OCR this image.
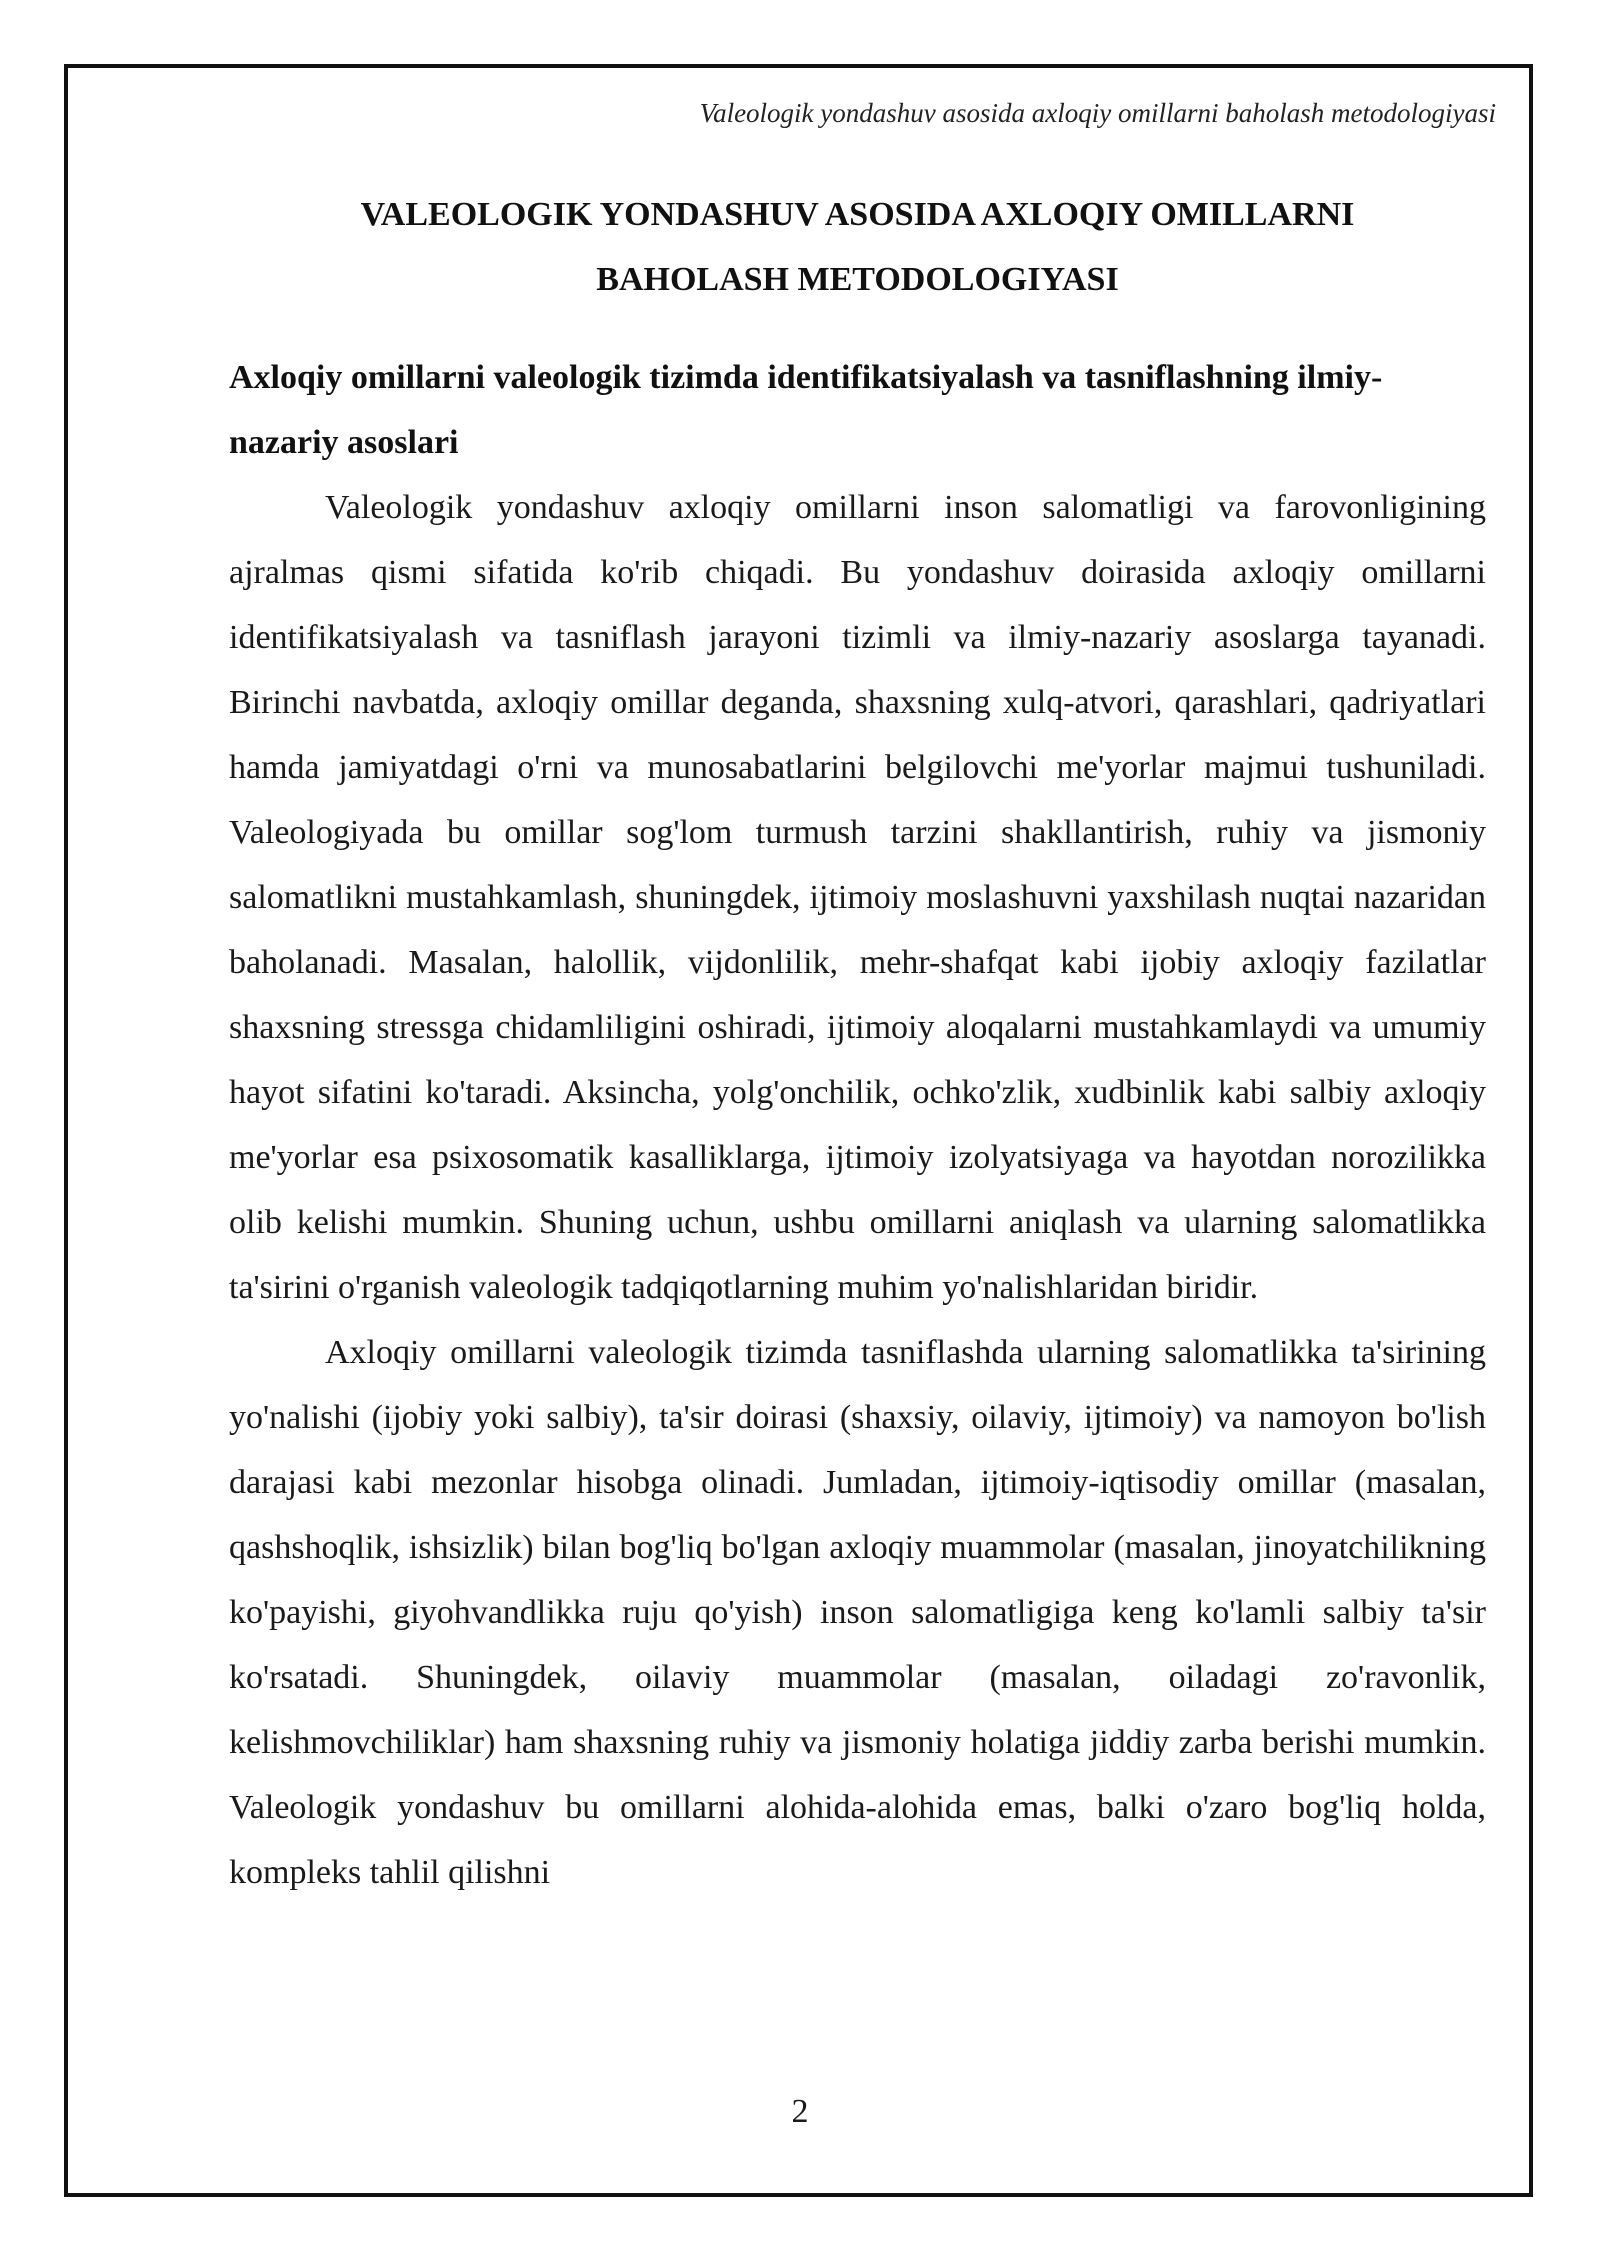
Valeologik yondashuv asosida axloqiy omillarni baholash metodologiyasi
VALEOLOGIK YONDASHUV ASOSIDA AXLOQIY OMILLARNI
BAHOLASH METODOLOGIYASI
Axloqiy omillarni valeologik tizimda identifikatsiyalash va tasniflashning ilmiy-nazariy asoslari

Valeologik yondashuv axloqiy omillarni inson salomatligi va farovonligining ajralmas qismi sifatida ko'rib chiqadi. Bu yondashuv doirasida axloqiy omillarni identifikatsiyalash va tasniflash jarayoni tizimli va ilmiy-nazariy asoslarga tayanadi. Birinchi navbatda, axloqiy omillar deganda, shaxsning xulq-atvori, qarashlari, qadriyatlari hamda jamiyatdagi o'rni va munosabatlarini belgilovchi me'yorlar majmui tushuniladi. Valeologiyada bu omillar sog'lom turmush tarzini shakllantirish, ruhiy va jismoniy salomatlikni mustahkamlash, shuningdek, ijtimoiy moslashuvni yaxshilash nuqtai nazaridan baholanadi. Masalan, halollik, vijdonlilik, mehr-shafqat kabi ijobiy axloqiy fazilatlar shaxsning stressga chidamliligini oshiradi, ijtimoiy aloqalarni mustahkamlaydi va umumiy hayot sifatini ko'taradi. Aksincha, yolg'onchilik, ochko'zlik, xudbinlik kabi salbiy axloqiy me'yorlar esa psixosomatik kasalliklarga, ijtimoiy izolyatsiyaga va hayotdan norozilikka olib kelishi mumkin. Shuning uchun, ushbu omillarni aniqlash va ularning salomatlikka ta'sirini o'rganish valeologik tadqiqotlarning muhim yo'nalishlaridan biridir.

Axloqiy omillarni valeologik tizimda tasniflashda ularning salomatlikka ta'sirining yo'nalishi (ijobiy yoki salbiy), ta'sir doirasi (shaxsiy, oilaviy, ijtimoiy) va namoyon bo'lish darajasi kabi mezonlar hisobga olinadi. Jumladan, ijtimoiy-iqtisodiy omillar (masalan, qashshoqlik, ishsizlik) bilan bog'liq bo'lgan axloqiy muammolar (masalan, jinoyatchilikning ko'payishi, giyohvandlikka ruju qo'yish) inson salomatligiga keng ko'lamli salbiy ta'sir ko'rsatadi. Shuningdek, oilaviy muammolar (masalan, oiladagi zo'ravonlik, kelishmovchiliklar) ham shaxsning ruhiy va jismoniy holatiga jiddiy zarba berishi mumkin. Valeologik yondashuv bu omillarni alohida-alohida emas, balki o'zaro bog'liq holda, kompleks tahlil qilishni

2
